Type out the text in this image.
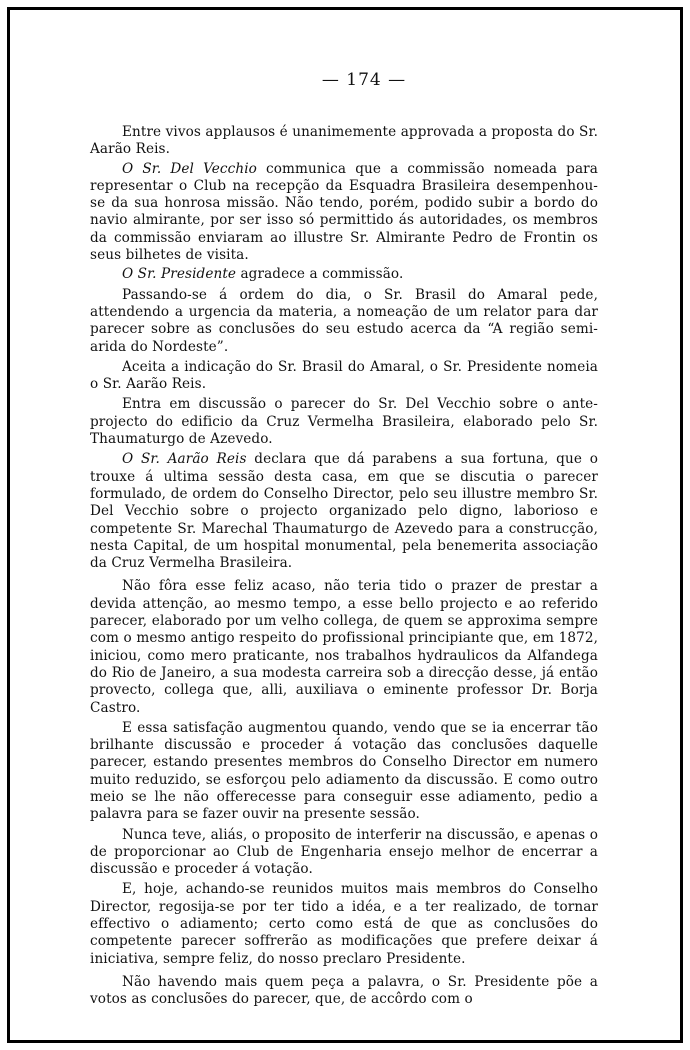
— 174 —

Entre vivos applausos é unanimemente approvada a proposta do Sr. Aarão Reis.

O Sr. Del Vecchio communica que a commissão nomeada para representar o Club na recepção da Esquadra Brasileira desempenhou-se da sua honrosa missão. Não tendo, porém, podido subir a bordo do navio almirante, por ser isso só permittido ás autoridades, os membros da commissão enviaram ao illustre Sr. Almirante Pedro de Frontin os seus bilhetes de visita.

O Sr. Presidente agradece a commissão.

Passando-se á ordem do dia, o Sr. Brasil do Amaral pede, attendendo a urgencia da materia, a nomeação de um relator para dar parecer sobre as conclusões do seu estudo acerca da “A região semi-arida do Nordeste”.

Aceita a indicação do Sr. Brasil do Amaral, o Sr. Presidente nomeia o Sr. Aarão Reis.

Entra em discussão o parecer do Sr. Del Vecchio sobre o ante-projecto do edificio da Cruz Vermelha Brasileira, elaborado pelo Sr. Thaumaturgo de Azevedo.

O Sr. Aarão Reis declara que dá parabens a sua fortuna, que o trouxe á ultima sessão desta casa, em que se discutia o parecer formulado, de ordem do Conselho Director, pelo seu illustre membro Sr. Del Vecchio sobre o projecto organizado pelo digno, laborioso e competente Sr. Marechal Thaumaturgo de Azevedo para a construcção, nesta Capital, de um hospital monumental, pela benemerita associação da Cruz Vermelha Brasileira.

Não fôra esse feliz acaso, não teria tido o prazer de prestar a devida attenção, ao mesmo tempo, a esse bello projecto e ao referido parecer, elaborado por um velho collega, de quem se approxima sempre com o mesmo antigo respeito do profissional principiante que, em 1872, iniciou, como mero praticante, nos trabalhos hydraulicos da Alfandega do Rio de Janeiro, a sua modesta carreira sob a direcção desse, já então provecto, collega que, alli, auxiliava o eminente professor Dr. Borja Castro.

E essa satisfação augmentou quando, vendo que se ia encerrar tão brilhante discussão e proceder á votação das conclusões daquelle parecer, estando presentes membros do Conselho Director em numero muito reduzido, se esforçou pelo adiamento da discussão. E como outro meio se lhe não offerecesse para conseguir esse adiamento, pedio a palavra para se fazer ouvir na presente sessão.

Nunca teve, aliás, o proposito de interferir na discussão, e apenas o de proporcionar ao Club de Engenharia ensejo melhor de encerrar a discussão e proceder á votação.

E, hoje, achando-se reunidos muitos mais membros do Conselho Director, regosija-se por ter tido a idéa, e a ter realizado, de tornar effectivo o adiamento; certo como está de que as conclusões do competente parecer soffrerão as modificações que prefere deixar á iniciativa, sempre feliz, do nosso preclaro Presidente.

Não havendo mais quem peça a palavra, o Sr. Presidente põe a votos as conclusões do parecer, que, de accôrdo com o
